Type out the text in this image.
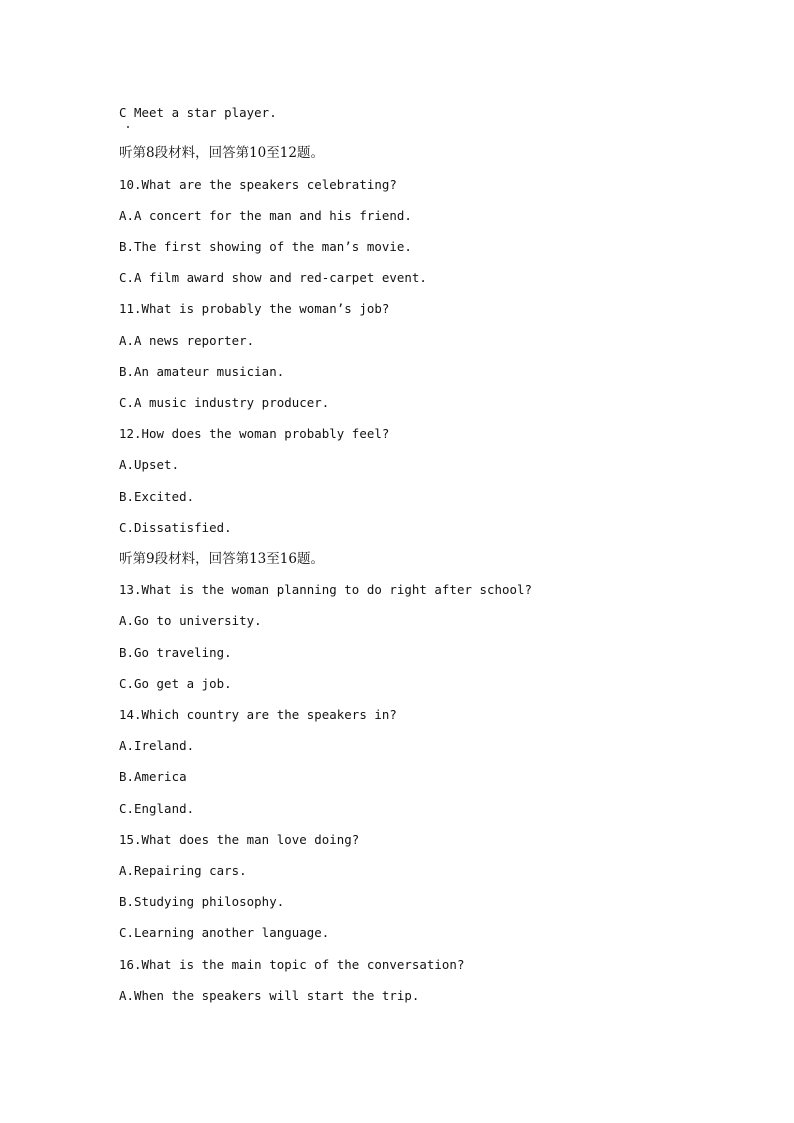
C Meet a star player.
听第8段材料，回答第10至12题。
10.What are the speakers celebrating?
A.A concert for the man and his friend.
B.The first showing of the man’s movie.
C.A film award show and red-carpet event.
11.What is probably the woman’s job?
A.A news reporter.
B.An amateur musician.
C.A music industry producer.
12.How does the woman probably feel?
A.Upset.
B.Excited.
C.Dissatisfied.
听第9段材料，回答第13至16题。
13.What is the woman planning to do right after school?
A.Go to university.
B.Go traveling.
C.Go get a job.
14.Which country are the speakers in?
A.Ireland.
B.America
C.England.
15.What does the man love doing?
A.Repairing cars.
B.Studying philosophy.
C.Learning another language.
16.What is the main topic of the conversation?
A.When the speakers will start the trip.
